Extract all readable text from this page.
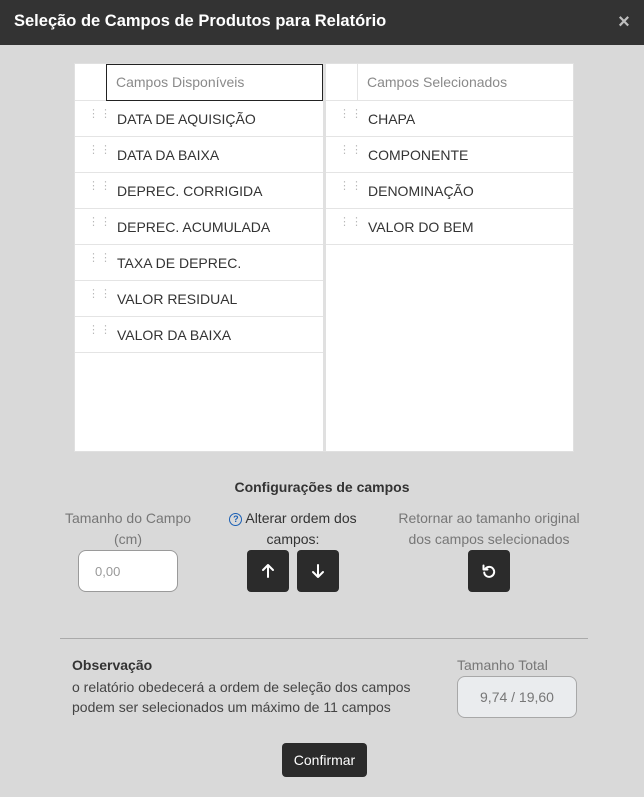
Seleção de Campos de Produtos para Relatório	×
Campos Disponíveis
⋮⋮ DATA DE AQUISIÇÃO
⋮⋮ DATA DA BAIXA
⋮⋮ DEPREC. CORRIGIDA
⋮⋮ DEPREC. ACUMULADA
⋮⋮ TAXA DE DEPREC.
⋮⋮ VALOR RESIDUAL
⋮⋮ VALOR DA BAIXA
Campos Selecionados
⋮⋮ CHAPA
⋮⋮ COMPONENTE
⋮⋮ DENOMINAÇÃO
⋮⋮ VALOR DO BEM
Configurações de campos
Tamanho do Campo
(cm)
0,00
? Alterar ordem dos
campos:
Retornar ao tamanho original
dos campos selecionados
Observação
o relatório obedecerá a ordem de seleção dos campos
podem ser selecionados um máximo de 11 campos
Tamanho Total
9,74 / 19,60
Confirmar
